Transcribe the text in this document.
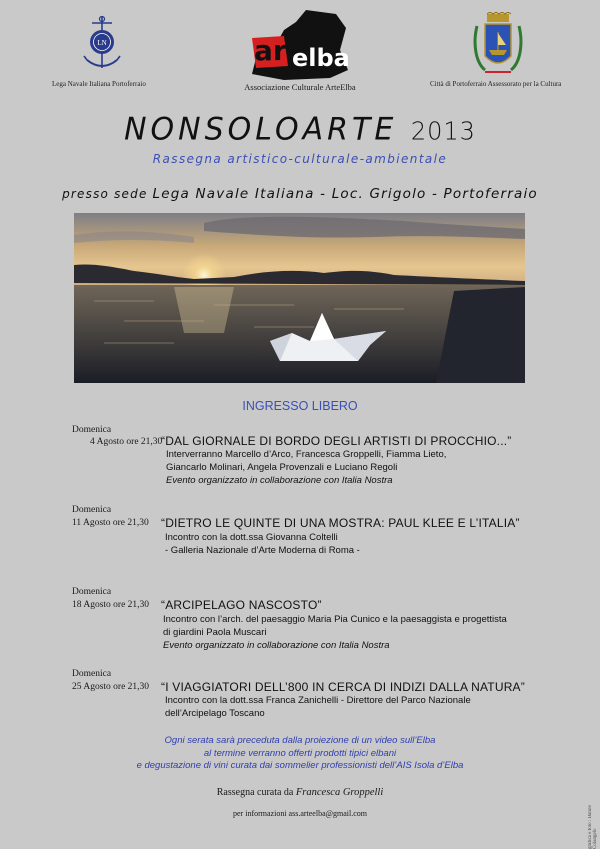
LN
Lega Navale Italiana Portoferraio
art
elba
Associazione Culturale ArteElba	Città di Portoferraio Assessorato per la Cultura
NONSOLOARTE 2013
Rassegna artistico-culturale-ambientale
presso sede Lega Navale Italiana - Loc. Grigolo - Portoferraio
INGRESSO LIBERO
Domenica
4 Agosto ore 21,30
“DAL GIORNALE DI BORDO DEGLI ARTISTI DI PROCCHIO...”
Interverranno Marcello d’Arco, Francesca Groppelli, Fiamma Lieto,
Giancarlo Molinari, Angela Provenzali e Luciano Regoli
Evento organizzato in collaborazione con Italia Nostra
Domenica
11 Agosto ore 21,30 “DIETRO LE QUINTE DI UNA MOSTRA: PAUL KLEE E L’ITALIA”
Incontro con la dott.ssa Giovanna Coltelli
- Galleria Nazionale d’Arte Moderna di Roma -
Domenica
18 Agosto ore 21,30 “ARCIPELAGO NASCOSTO”
Incontro con l’arch. del paesaggio Maria Pia Cunico e la paesaggista e progettista
di giardini Paola Muscari
Evento organizzato in collaborazione con Italia Nostra
Domenica
25 Agosto ore 21,30 “I VIAGGIATORI DELL’800 IN CERCA DI INDIZI DALLA NATURA”
Incontro con la dott.ssa Franca Zanichelli - Direttore del Parco Nazionale
dell’Arcipelago Toscano
Ogni serata sarà preceduta dalla proiezione di un video sull’Elba
al termine verranno offerti prodotti tipici elbani
e degustazione di vini curata dai sommelier professionisti dell’AIS Isola d’Elba
Rassegna curata da Francesca Groppelli
per informazioni ass.arteelba@gmail.com	grafica e foto : Danilo Colangelo
